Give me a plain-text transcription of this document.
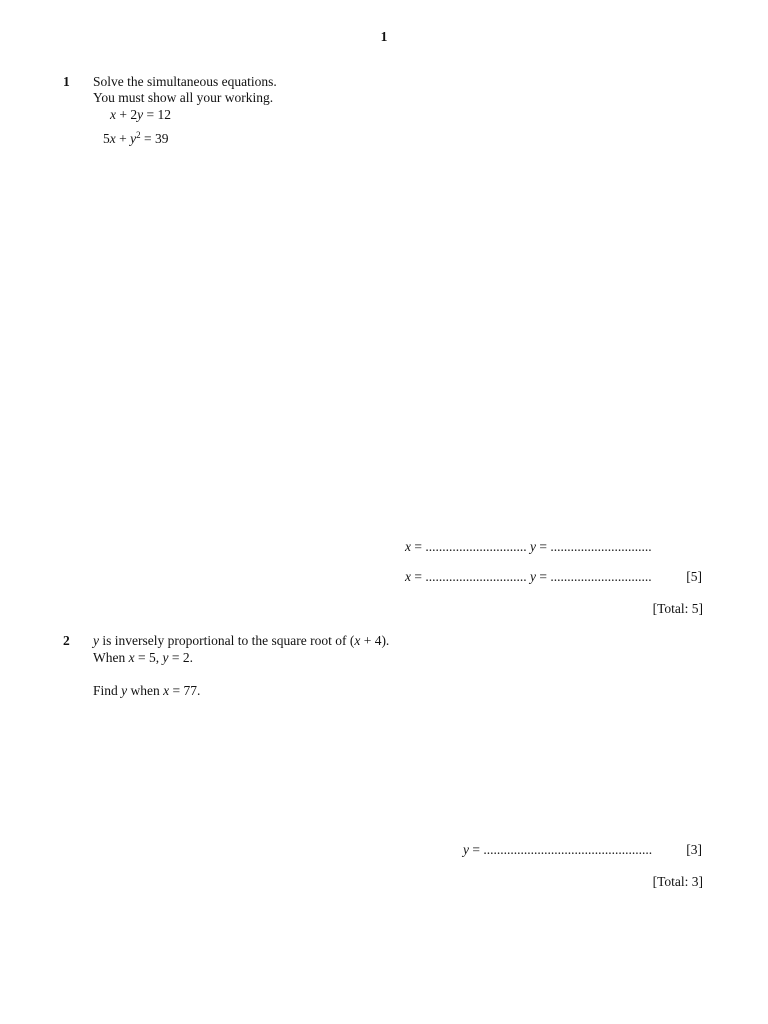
1
1 Solve the simultaneous equations.
You must show all your working.
x + 2y = 12
$5x + y^2 = 39$
x = .............................. y = ..............................
x = .............................. y = ..............................	[5]
[Total: 5]
2 y is inversely proportional to the square root of (x + 4).
When x = 5, y = 2.
Find y when x = 77.
y = ..................................................	[3]
[Total: 3]
